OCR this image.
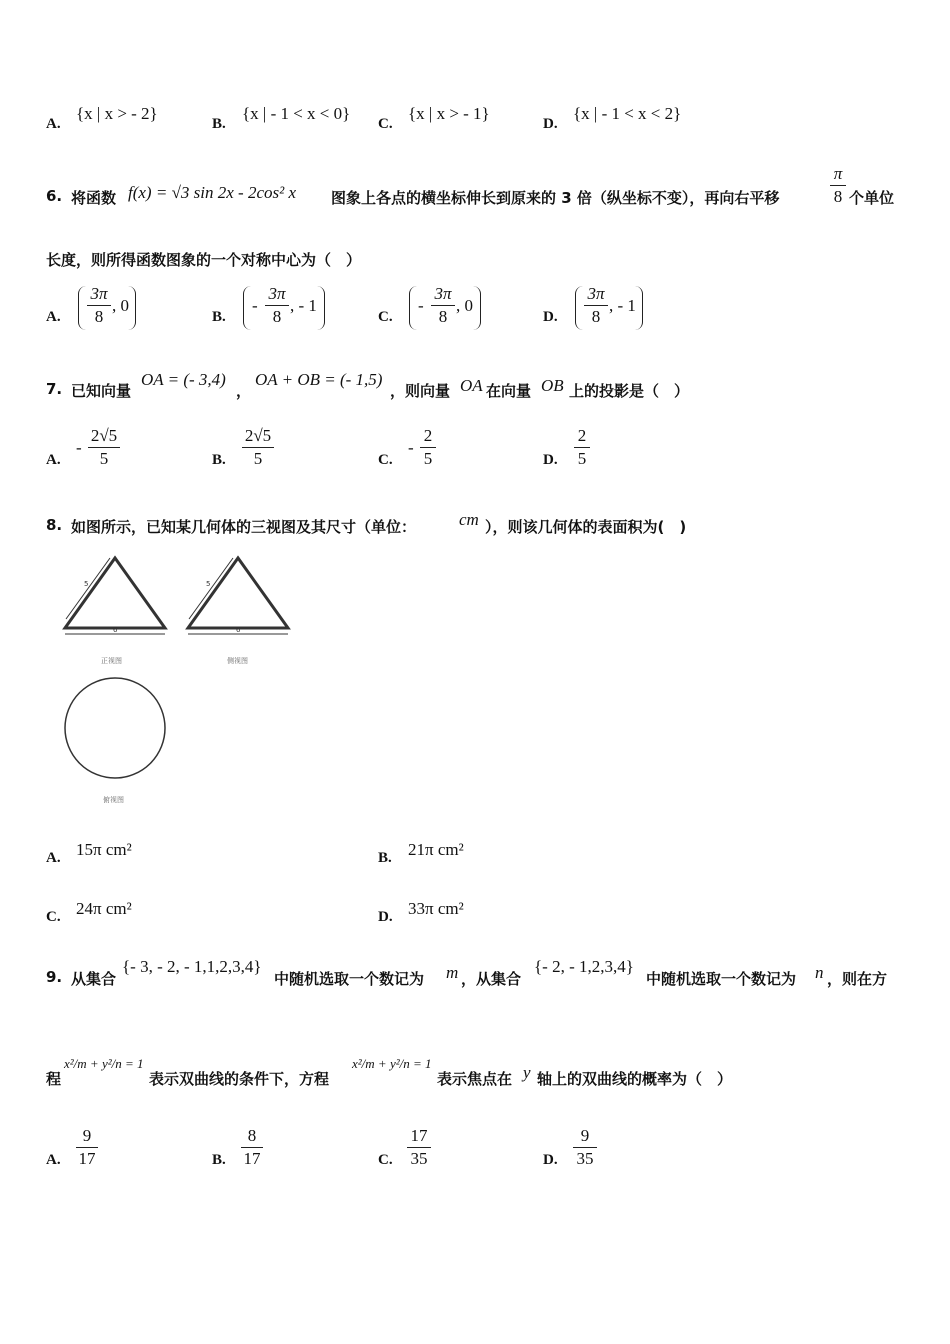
A.
{x | x > - 2}
B.
{x | - 1 < x < 0}
C.
{x | x > - 1}
D.
{x | - 1 < x < 2}
6. 将函数 f(x) = √3 sin 2x - 2cos² x 图象上各点的横坐标伸长到原来的 3 倍（纵坐标不变），再向右平移
π
8 个单位
长度，则所得函数图象的一个对称中心为（　）
A.
3π
8
, 0
B.
-
3π
8
, - 1
C.
-
3π
8
, 0
D.
3π
8
, - 1
7. 已知向量
OA = (- 3,4)
，
OA + OB = (- 1,5)
，则向量 OA 在向量 OB 上的投影是（　）
A.
-
2√5
5	B.
2√5
5	C.
-
2
5	D.
2
5
8. 如图所示，已知某几何体的三视图及其尺寸（单位：	cm ），则该几何体的表面积为(　)
5
6
正视图
5
6
侧视图
俯视图
A. 15π cm²	B. 21π cm²
C. 24π cm²	D. 33π cm²
9. 从集合
{- 3, - 2, - 1,1,2,3,4}
中随机选取一个数记为 m ，从集合
{- 2, - 1,2,3,4}
中随机选取一个数记为 n ，则在方
程
x²/m + y²/n = 1
表示双曲线的条件下，方程
x²/m + y²/n = 1
表示焦点在 y 轴上的双曲线的概率为（　）
A.
9
17	B.
8
17	C.
17
35	D.
9
35
